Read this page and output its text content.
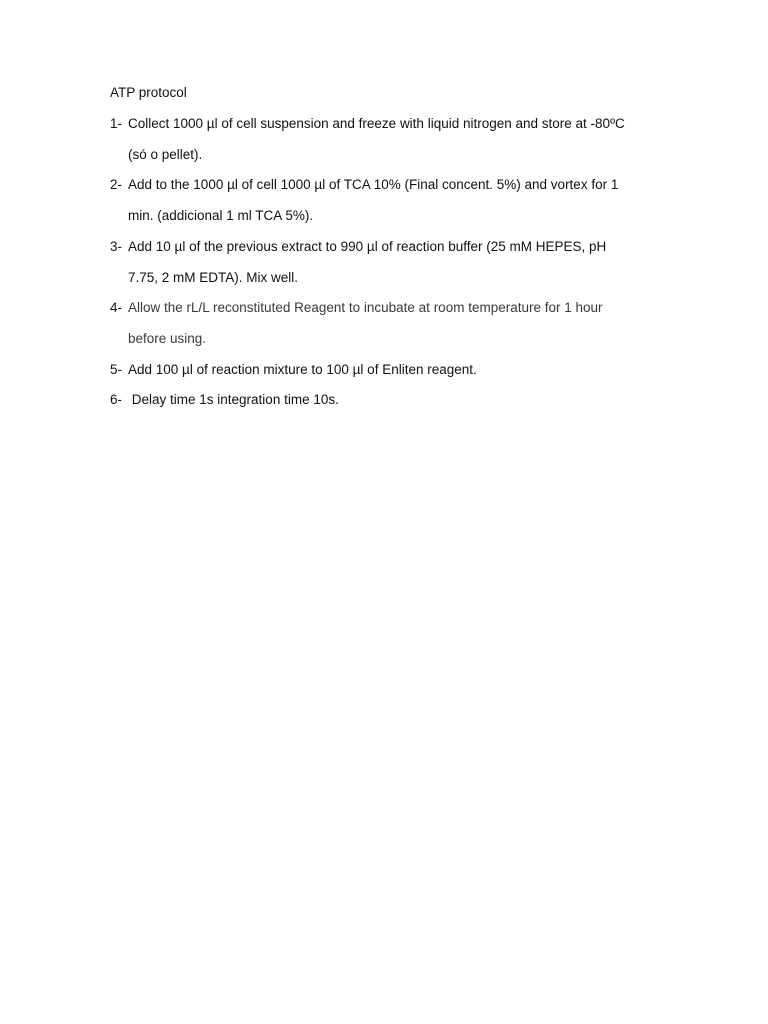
ATP protocol
1- Collect 1000 µl of cell suspension and freeze with liquid nitrogen and store at -80ºC
(só o pellet).
2- Add to the 1000 µl of cell 1000 µl of TCA 10% (Final concent. 5%) and vortex for 1
min. (addicional 1 ml TCA 5%).
3- Add 10 µl of the previous extract to 990 µl of reaction buffer (25 mM HEPES, pH
7.75, 2 mM EDTA). Mix well.
4- Allow the rL/L reconstituted Reagent to incubate at room temperature for 1 hour
before using.
5- Add 100 µl of reaction mixture to 100 µl of Enliten reagent.
6- Delay time 1s integration time 10s.
